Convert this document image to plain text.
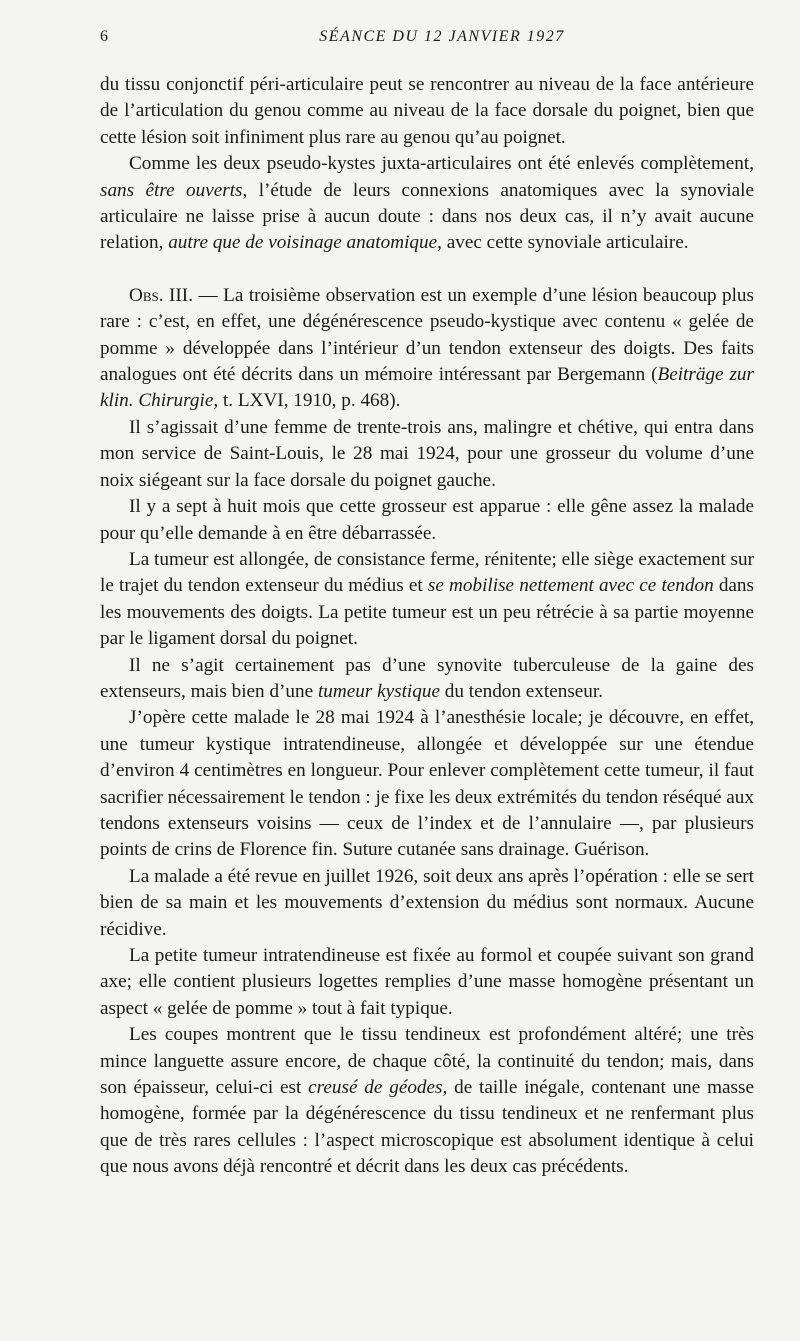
6	SÉANCE DU 12 JANVIER 1927

du tissu conjonctif péri-articulaire peut se rencontrer au niveau de la face antérieure de l’articulation du genou comme au niveau de la face dorsale du poignet, bien que cette lésion soit infiniment plus rare au genou qu’au poignet.

Comme les deux pseudo-kystes juxta-articulaires ont été enlevés complètement, sans être ouverts, l’étude de leurs connexions anatomiques avec la synoviale articulaire ne laisse prise à aucun doute : dans nos deux cas, il n’y avait aucune relation, autre que de voisinage anatomique, avec cette synoviale articulaire.

Obs. III. — La troisième observation est un exemple d’une lésion beaucoup plus rare : c’est, en effet, une dégénérescence pseudo-kystique avec contenu « gelée de pomme » développée dans l’intérieur d’un tendon extenseur des doigts. Des faits analogues ont été décrits dans un mémoire intéressant par Bergemann (Beiträge zur klin. Chirurgie, t. LXVI, 1910, p. 468).

Il s’agissait d’une femme de trente-trois ans, malingre et chétive, qui entra dans mon service de Saint-Louis, le 28 mai 1924, pour une grosseur du volume d’une noix siégeant sur la face dorsale du poignet gauche.

Il y a sept à huit mois que cette grosseur est apparue : elle gêne assez la malade pour qu’elle demande à en être débarrassée.

La tumeur est allongée, de consistance ferme, rénitente; elle siège exactement sur le trajet du tendon extenseur du médius et se mobilise nettement avec ce tendon dans les mouvements des doigts. La petite tumeur est un peu rétrécie à sa partie moyenne par le ligament dorsal du poignet.

Il ne s’agit certainement pas d’une synovite tuberculeuse de la gaine des extenseurs, mais bien d’une tumeur kystique du tendon extenseur.

J’opère cette malade le 28 mai 1924 à l’anesthésie locale; je découvre, en effet, une tumeur kystique intratendineuse, allongée et développée sur une étendue d’environ 4 centimètres en longueur. Pour enlever complètement cette tumeur, il faut sacrifier nécessairement le tendon : je fixe les deux extrémités du tendon réséqué aux tendons extenseurs voisins — ceux de l’index et de l’annulaire —, par plusieurs points de crins de Florence fin. Suture cutanée sans drainage. Guérison.

La malade a été revue en juillet 1926, soit deux ans après l’opération : elle se sert bien de sa main et les mouvements d’extension du médius sont normaux. Aucune récidive.

La petite tumeur intratendineuse est fixée au formol et coupée suivant son grand axe; elle contient plusieurs logettes remplies d’une masse homogène présentant un aspect « gelée de pomme » tout à fait typique.

Les coupes montrent que le tissu tendineux est profondément altéré; une très mince languette assure encore, de chaque côté, la continuité du tendon; mais, dans son épaisseur, celui-ci est creusé de géodes, de taille inégale, contenant une masse homogène, formée par la dégénérescence du tissu tendineux et ne renfermant plus que de très rares cellules : l’aspect microscopique est absolument identique à celui que nous avons déjà rencontré et décrit dans les deux cas précédents.
